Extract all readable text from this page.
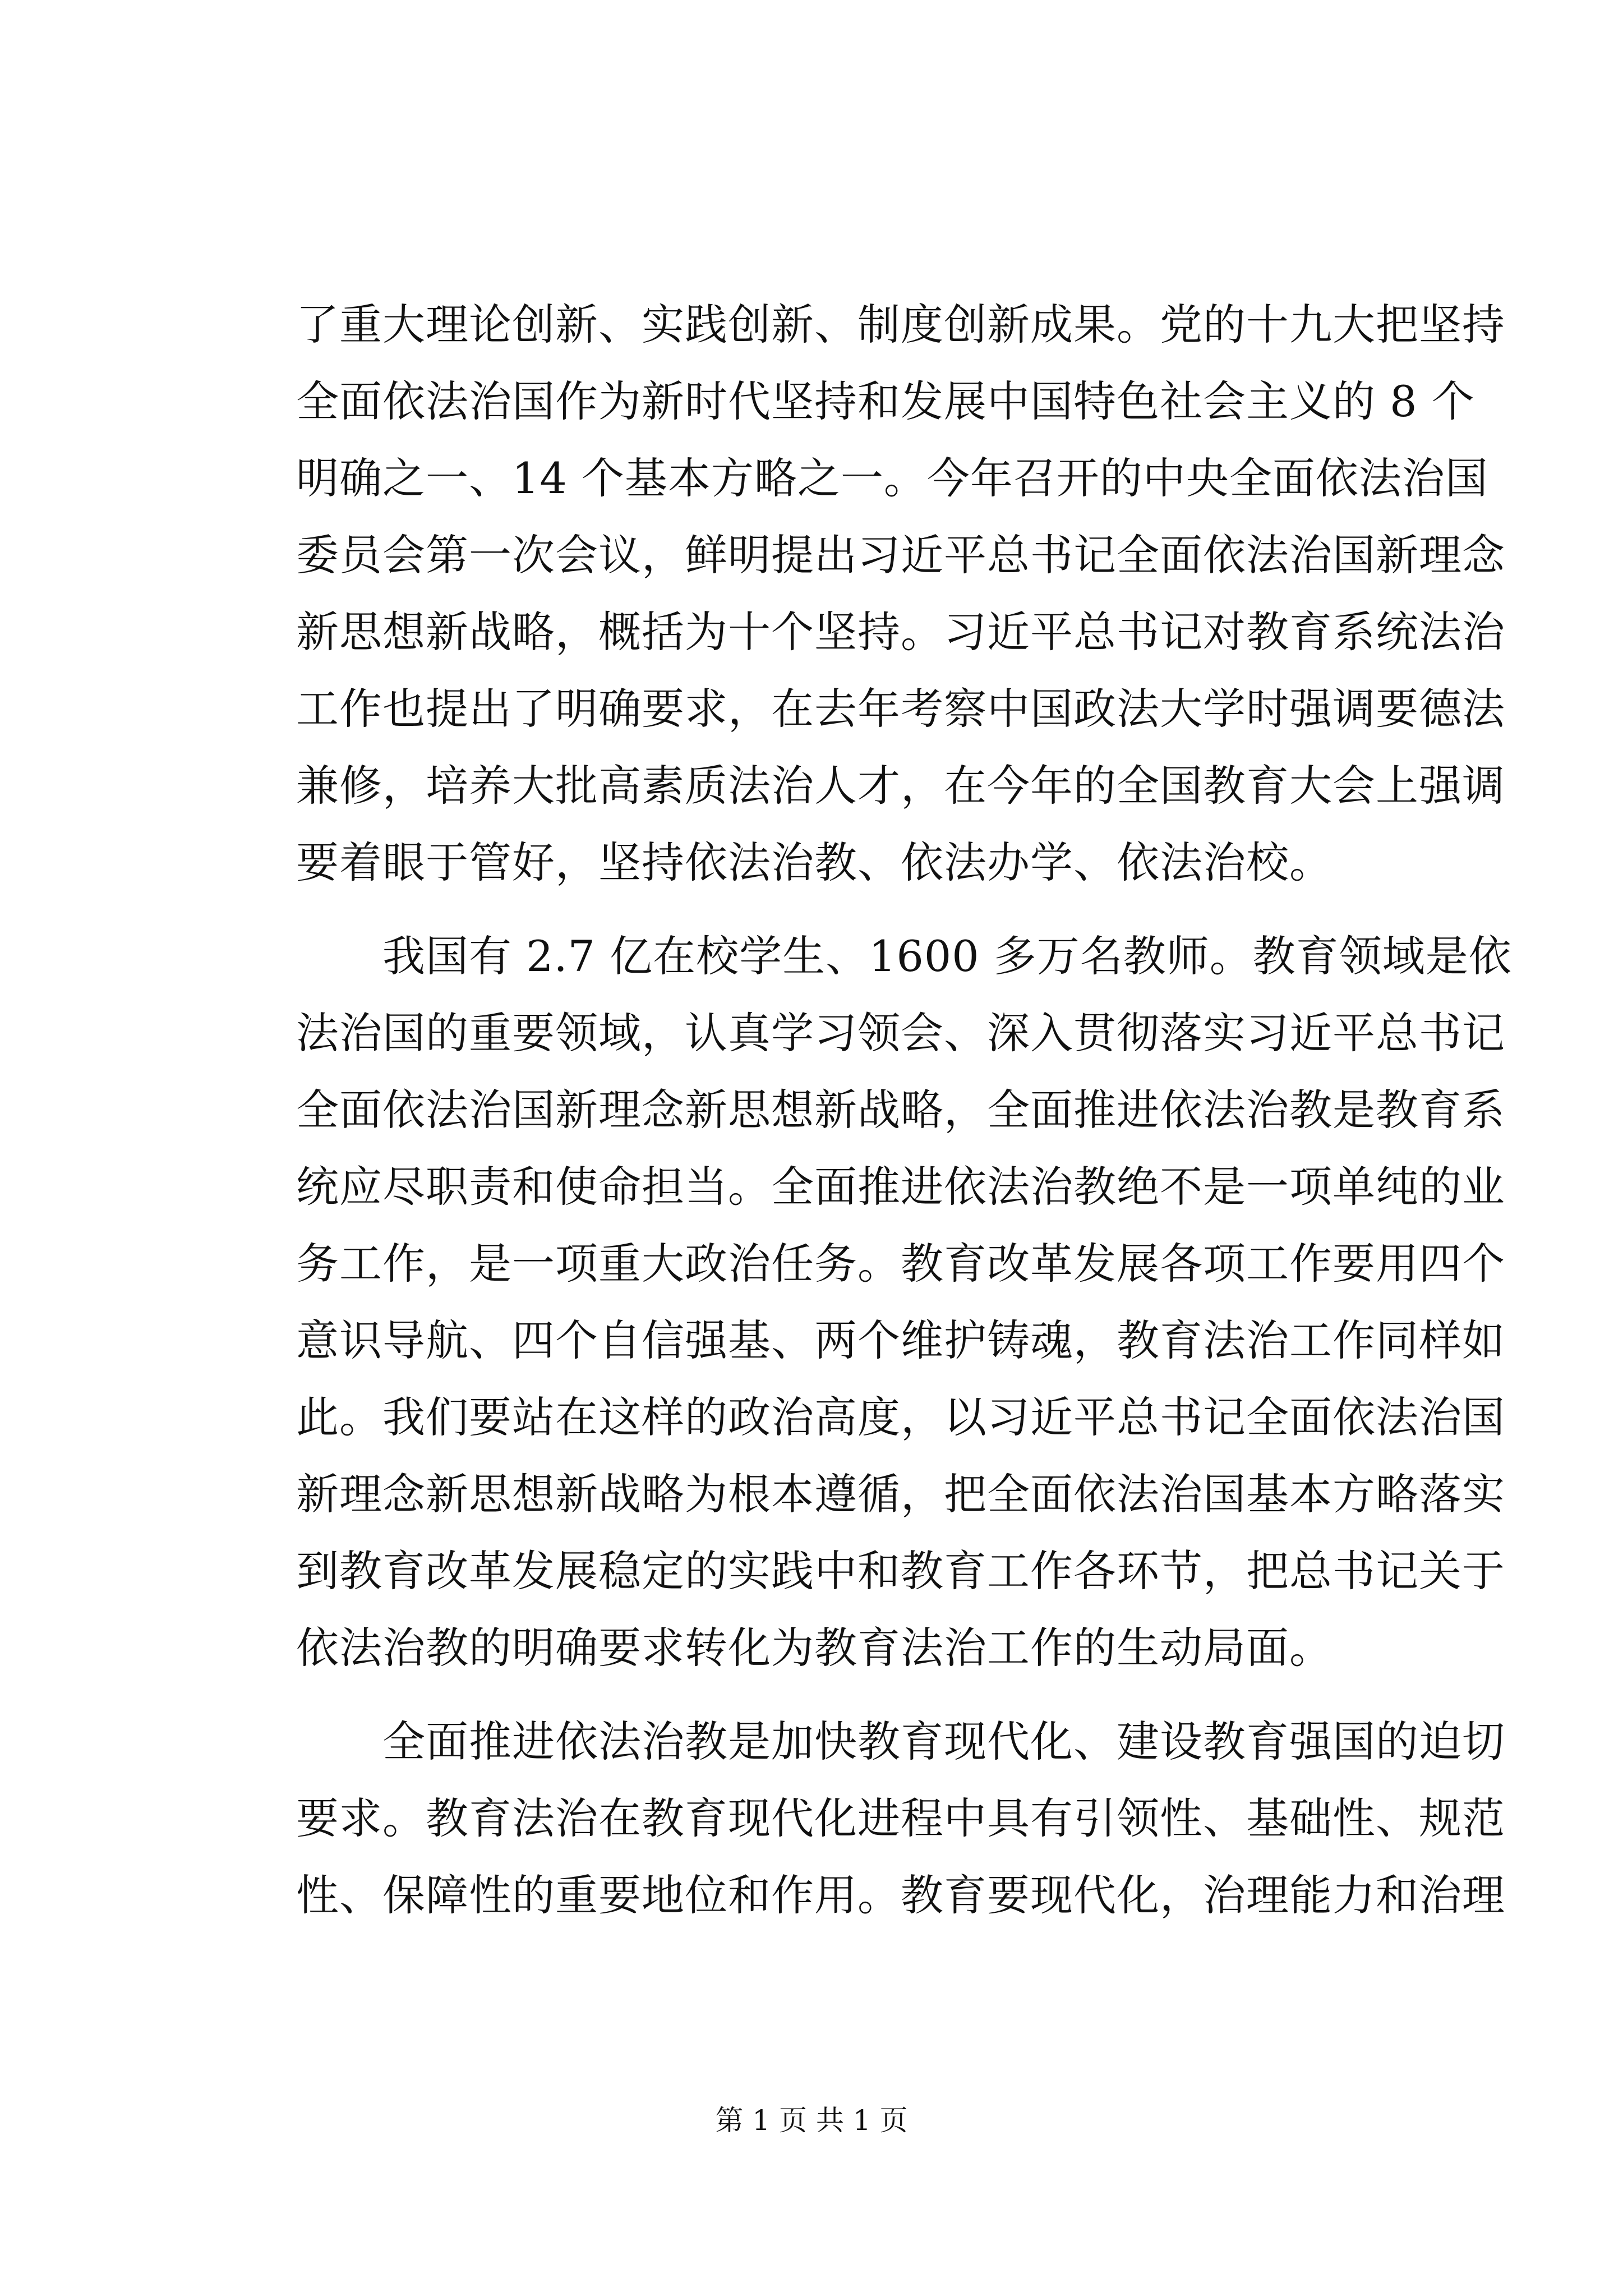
了重大理论创新、实践创新、制度创新成果。党的十九大把坚持
全面依法治国作为新时代坚持和发展中国特色社会主义的 8 个
明确之一、14 个基本方略之一。今年召开的中央全面依法治国
委员会第一次会议，鲜明提出习近平总书记全面依法治国新理念
新思想新战略，概括为十个坚持。习近平总书记对教育系统法治
工作也提出了明确要求，在去年考察中国政法大学时强调要德法
兼修，培养大批高素质法治人才，在今年的全国教育大会上强调
要着眼于管好，坚持依法治教、依法办学、依法治校。
　　我国有 2.7 亿在校学生、1600 多万名教师。教育领域是依
法治国的重要领域，认真学习领会、深入贯彻落实习近平总书记
全面依法治国新理念新思想新战略，全面推进依法治教是教育系
统应尽职责和使命担当。全面推进依法治教绝不是一项单纯的业
务工作，是一项重大政治任务。教育改革发展各项工作要用四个
意识导航、四个自信强基、两个维护铸魂，教育法治工作同样如
此。我们要站在这样的政治高度，以习近平总书记全面依法治国
新理念新思想新战略为根本遵循，把全面依法治国基本方略落实
到教育改革发展稳定的实践中和教育工作各环节，把总书记关于
依法治教的明确要求转化为教育法治工作的生动局面。
　　全面推进依法治教是加快教育现代化、建设教育强国的迫切
要求。教育法治在教育现代化进程中具有引领性、基础性、规范
性、保障性的重要地位和作用。教育要现代化，治理能力和治理
第 1 页 共 1 页
